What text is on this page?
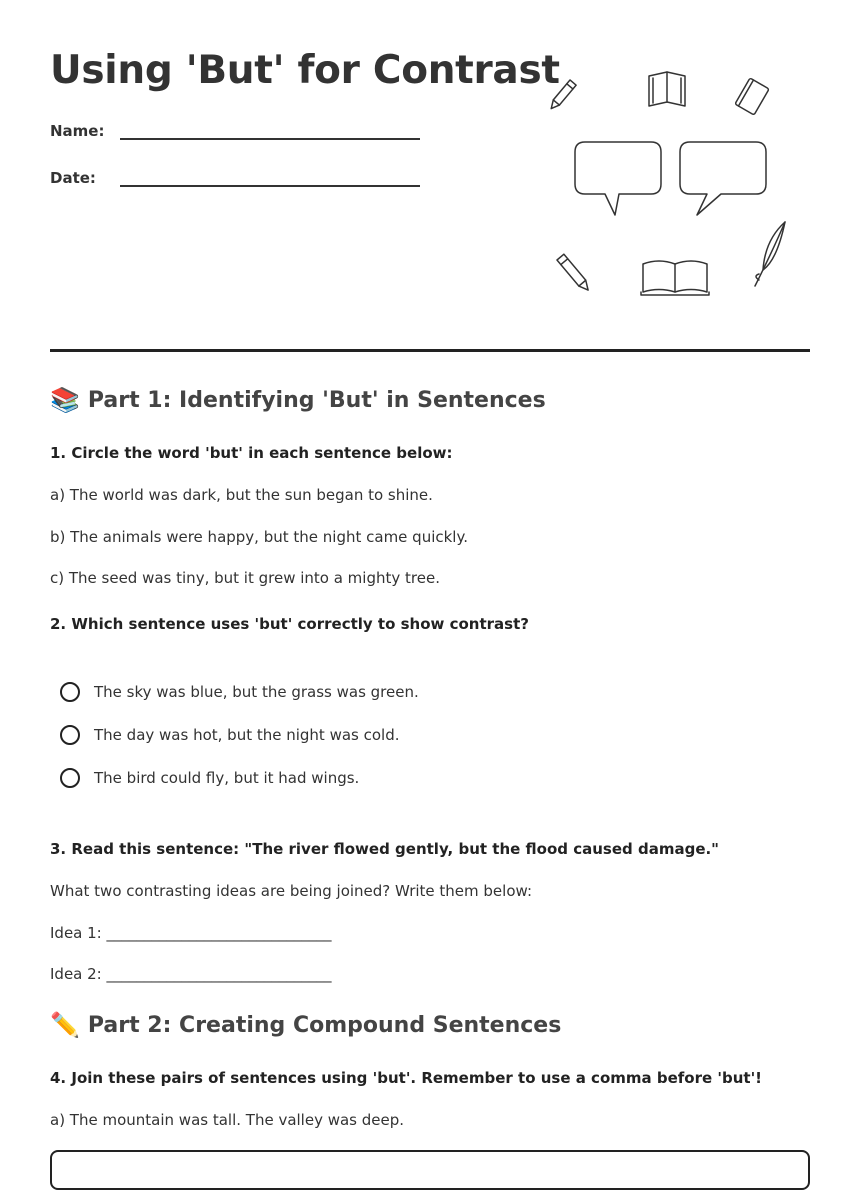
Using 'But' for Contrast
Name:
Date:
📚 Part 1: Identifying 'But' in Sentences
1. Circle the word 'but' in each sentence below:
a) The world was dark, but the sun began to shine.
b) The animals were happy, but the night came quickly.
c) The seed was tiny, but it grew into a mighty tree.
2. Which sentence uses 'but' correctly to show contrast?
The sky was blue, but the grass was green.
The day was hot, but the night was cold.
The bird could fly, but it had wings.
3. Read this sentence: "The river flowed gently, but the flood caused damage."
What two contrasting ideas are being joined? Write them below:
Idea 1: ______________________________
Idea 2: ______________________________
✏️ Part 2: Creating Compound Sentences
4. Join these pairs of sentences using 'but'. Remember to use a comma before 'but'!
a) The mountain was tall. The valley was deep.
